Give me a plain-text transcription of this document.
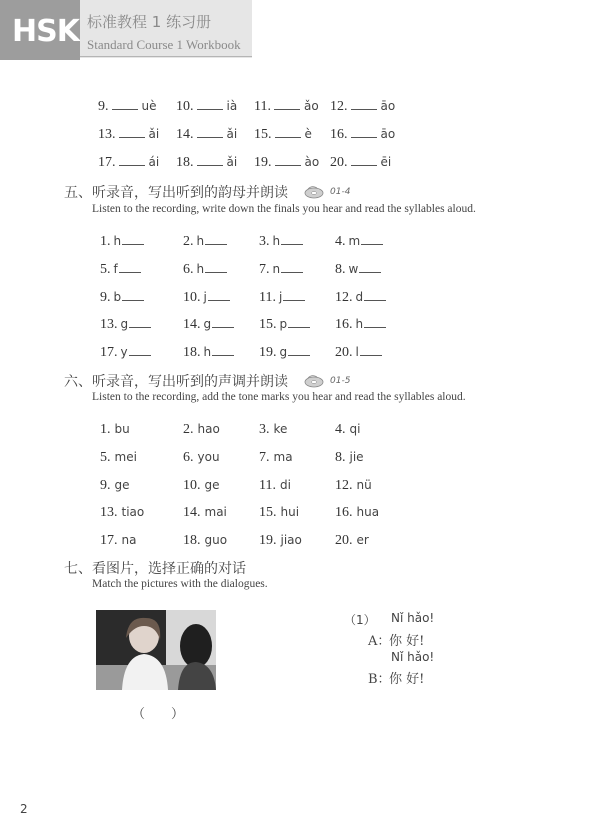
HSK 标准教程 1 练习册
Standard Course 1 Workbook
9.	uè 10.	ià 11.	ǎo 12.	āo
13.	ǎi 14.	ǎi 15.	è 16.	āo
17.	ái 18.	ǎi 19.	ào 20.	ēi
五、听录音，写出听到的韵母并朗读	01-4
Listen to the recording, write down the finals you hear and read the syllables aloud.
1. h	2. h	3. h	4. m
5. f	6. h	7. n	8. w
9. b	10. j	11. j	12. d
13. g	14. g	15. p	16. h
17. y	18. h	19. g	20. l
六、听录音，写出听到的声调并朗读	01-5
Listen to the recording, add the tone marks you hear and read the syllables aloud.
1. bu	2. hao	3. ke	4. qi
5. mei	6. you	7. ma	8. jie
9. ge	10. ge	11. di	12. nü
13. tiao	14. mai 15. hui	16. hua
17. na	18. guo 19. jiao 20. er
七、看图片，选择正确的对话
Match the pictures with the dialogues.
（　　）
（1） Nǐ hǎo!
A：
你 好!
Nǐ hǎo!
B：
你 好!
2
